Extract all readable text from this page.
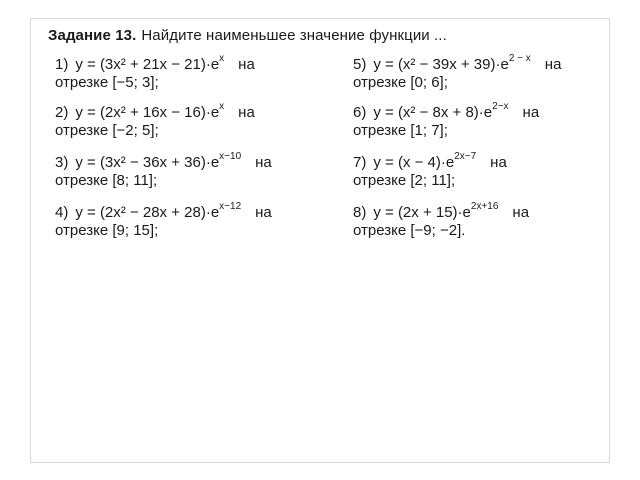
Задание 13. Найдите наименьшее значение функции ...
1) $y = (3x^2 + 21x - 21)\cdot e^x$ на
отрезке [−5; 3];
2) $y = (2x^2 + 16x - 16)\cdot e^x$ на
отрезке [−2; 5];
3) $y = (3x^2 - 36x + 36)\cdot e^{x-10}$ на
отрезке [8; 11];
4) $y = (2x^2 - 28x + 28)\cdot e^{x-12}$ на
отрезке [9; 15];
5) $y = (x^2 - 39x + 39)\cdot e^{2 - x}$ на
отрезке [0; 6];
6) $y = (x^2 - 8x + 8)\cdot e^{2-x}$ на
отрезке [1; 7];
7) $y = (x - 4)\cdot e^{2x-7}$ на
отрезке [2; 11];
8) $y = (2x + 15)\cdot e^{2x+16}$ на
отрезке [−9; −2].
